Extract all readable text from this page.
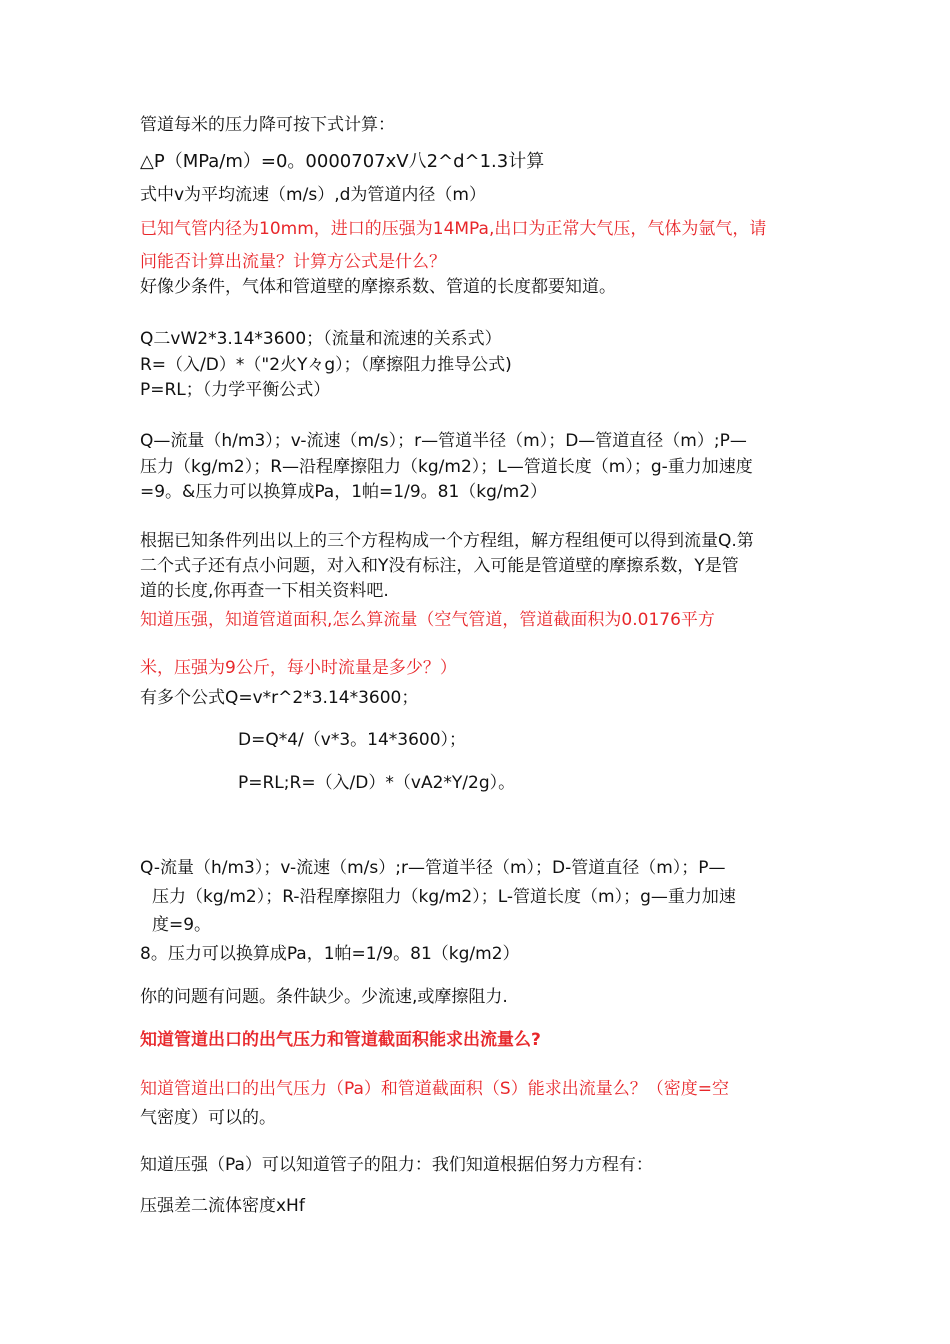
管道每米的压力降可按下式计算：
△P（MPa/m）=0。0000707xV八2^d^1.3计算
式中v为平均流速（m/s）,d为管道内径（m）
已知气管内径为10mm，进口的压强为14MPa,出口为正常大气压，气体为氩气，请
问能否计算出流量？计算方公式是什么？
好像少条件，气体和管道壁的摩擦系数、管道的长度都要知道。
Q二vW2*3.14*3600；（流量和流速的关系式）
R=（入/D）*（"2火Y々g）；（摩擦阻力推导公式)
P=RL；（力学平衡公式）
Q—流量（h/m3）；v-流速（m/s）；r—管道半径（m）；D—管道直径（m）;P—
压力（kg/m2）；R—沿程摩擦阻力（kg/m2）；L—管道长度（m）；g-重力加速度
=9。&压力可以换算成Pa，1帕=1/9。81（kg/m2）
根据已知条件列出以上的三个方程构成一个方程组，解方程组便可以得到流量Q.第
二个式子还有点小问题，对入和Y没有标注，入可能是管道壁的摩擦系数，Y是管
道的长度,你再查一下相关资料吧.
知道压强，知道管道面积,怎么算流量（空气管道，管道截面积为0.0176平方
米，压强为9公斤，每小时流量是多少？）
有多个公式Q=v*r^2*3.14*3600；
D=Q*4/（v*3。14*3600）；
P=RL;R=（入/D）*（vA2*Y/2g）。
Q-流量（h/m3）；v-流速（m/s）;r—管道半径（m）；D-管道直径（m）；P—
压力（kg/m2）；R-沿程摩擦阻力（kg/m2）；L-管道长度（m）；g—重力加速
度=9。
8。压力可以换算成Pa，1帕=1/9。81（kg/m2）
你的问题有问题。条件缺少。少流速,或摩擦阻力.
知道管道出口的出气压力和管道截面积能求出流量么?
知道管道出口的出气压力（Pa）和管道截面积（S）能求出流量么？（密度=空
气密度）可以的。
知道压强（Pa）可以知道管子的阻力：我们知道根据伯努力方程有：
压强差二流体密度xHf
